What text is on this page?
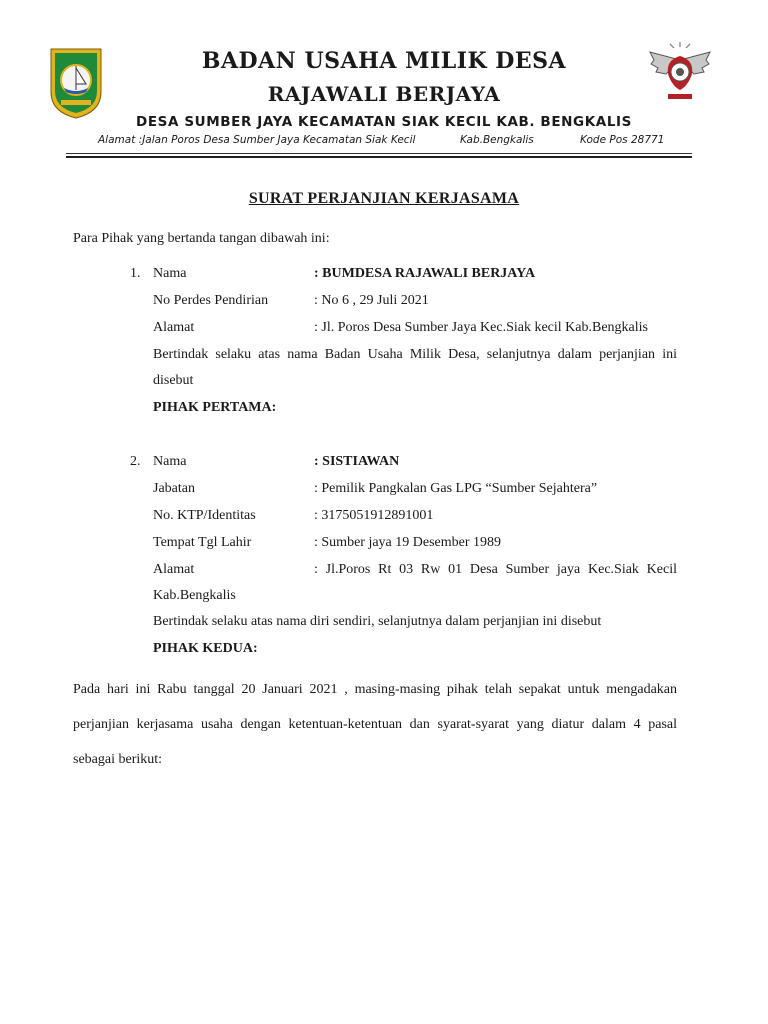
BADAN USAHA MILIK DESA
RAJAWALI BERJAYA
DESA SUMBER JAYA KECAMATAN SIAK KECIL KAB. BENGKALIS
Alamat :Jalan Poros Desa Sumber Jaya Kecamatan Siak Kecil	Kab.Bengkalis	Kode Pos 28771
SURAT PERJANJIAN KERJASAMA
Para Pihak yang bertanda tangan dibawah ini:
1. Nama	: BUMDESA RAJAWALI BERJAYA
No Perdes Pendirian	: No 6 , 29 Juli 2021
Alamat	: Jl. Poros Desa Sumber Jaya Kec.Siak kecil Kab.Bengkalis
Bertindak selaku atas nama Badan Usaha Milik Desa, selanjutnya dalam perjanjian ini
disebut
PIHAK PERTAMA:
2. Nama	: SISTIAWAN
Jabatan	: Pemilik Pangkalan Gas LPG “Sumber Sejahtera”
No. KTP/Identitas	: 3175051912891001
Tempat Tgl Lahir	: Sumber jaya 19 Desember 1989
Alamat	: Jl.Poros Rt 03 Rw 01 Desa Sumber jaya Kec.Siak Kecil
Kab.Bengkalis
Bertindak selaku atas nama diri sendiri, selanjutnya dalam perjanjian ini disebut
PIHAK KEDUA:
Pada hari ini Rabu tanggal 20 Januari 2021 , masing-masing pihak telah sepakat untuk mengadakan
perjanjian kerjasama usaha dengan ketentuan-ketentuan dan syarat-syarat yang diatur dalam 4 pasal
sebagai berikut:
